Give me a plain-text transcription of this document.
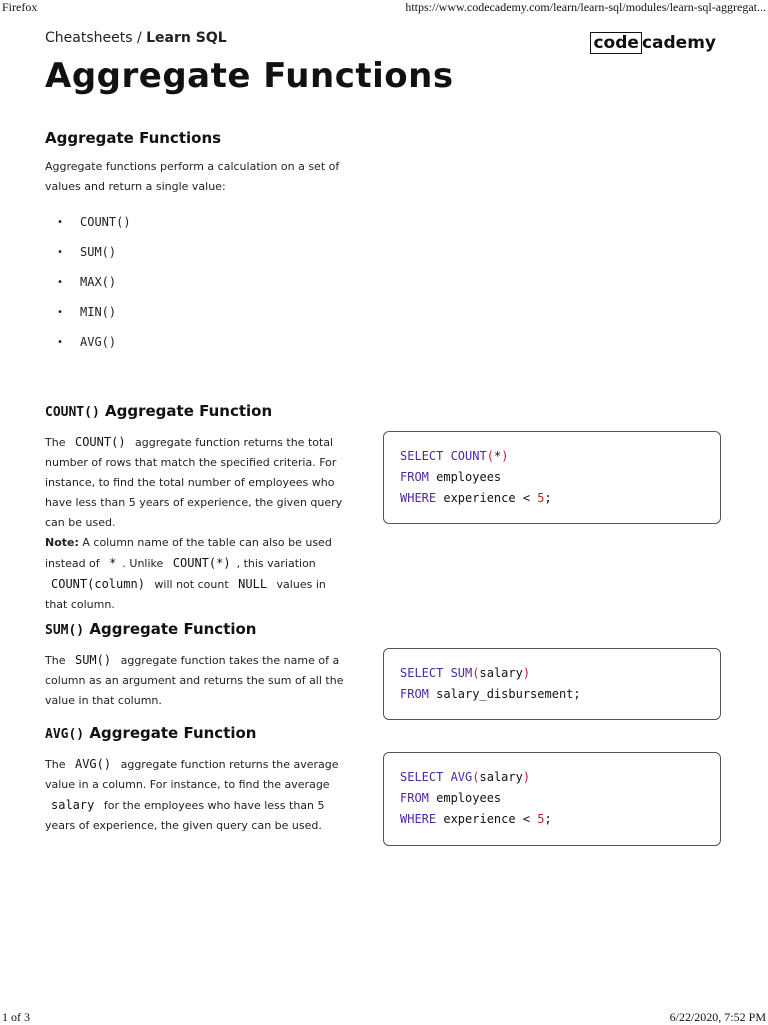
Firefox	https://www.codecademy.com/learn/learn-sql/modules/learn-sql-aggregat...
1 of 3	6/22/2020, 7:52 PM
Cheatsheets / Learn SQL	code cademy
Aggregate Functions
Aggregate Functions

Aggregate functions perform a calculation on a set of
values and return a single value:

•	COUNT()
•	SUM()
•	MAX()
•	MIN()
•	AVG()
COUNT() Aggregate Function

The COUNT() aggregate function returns the total
number of rows that match the specified criteria. For
instance, to find the total number of employees who
have less than 5 years of experience, the given query
can be used.
Note: A column name of the table can also be used
instead of * . Unlike COUNT(*) , this variation
COUNT(column) will not count NULL values in
that column.

SELECT COUNT(*)
FROM employees
WHERE experience < 5;
SUM() Aggregate Function

The SUM() aggregate function takes the name of a
column as an argument and returns the sum of all the
value in that column.

SELECT SUM(salary)
FROM salary_disbursement;
AVG() Aggregate Function

The AVG() aggregate function returns the average
value in a column. For instance, to find the average
salary for the employees who have less than 5
years of experience, the given query can be used.

SELECT AVG(salary)
FROM employees
WHERE experience < 5;
